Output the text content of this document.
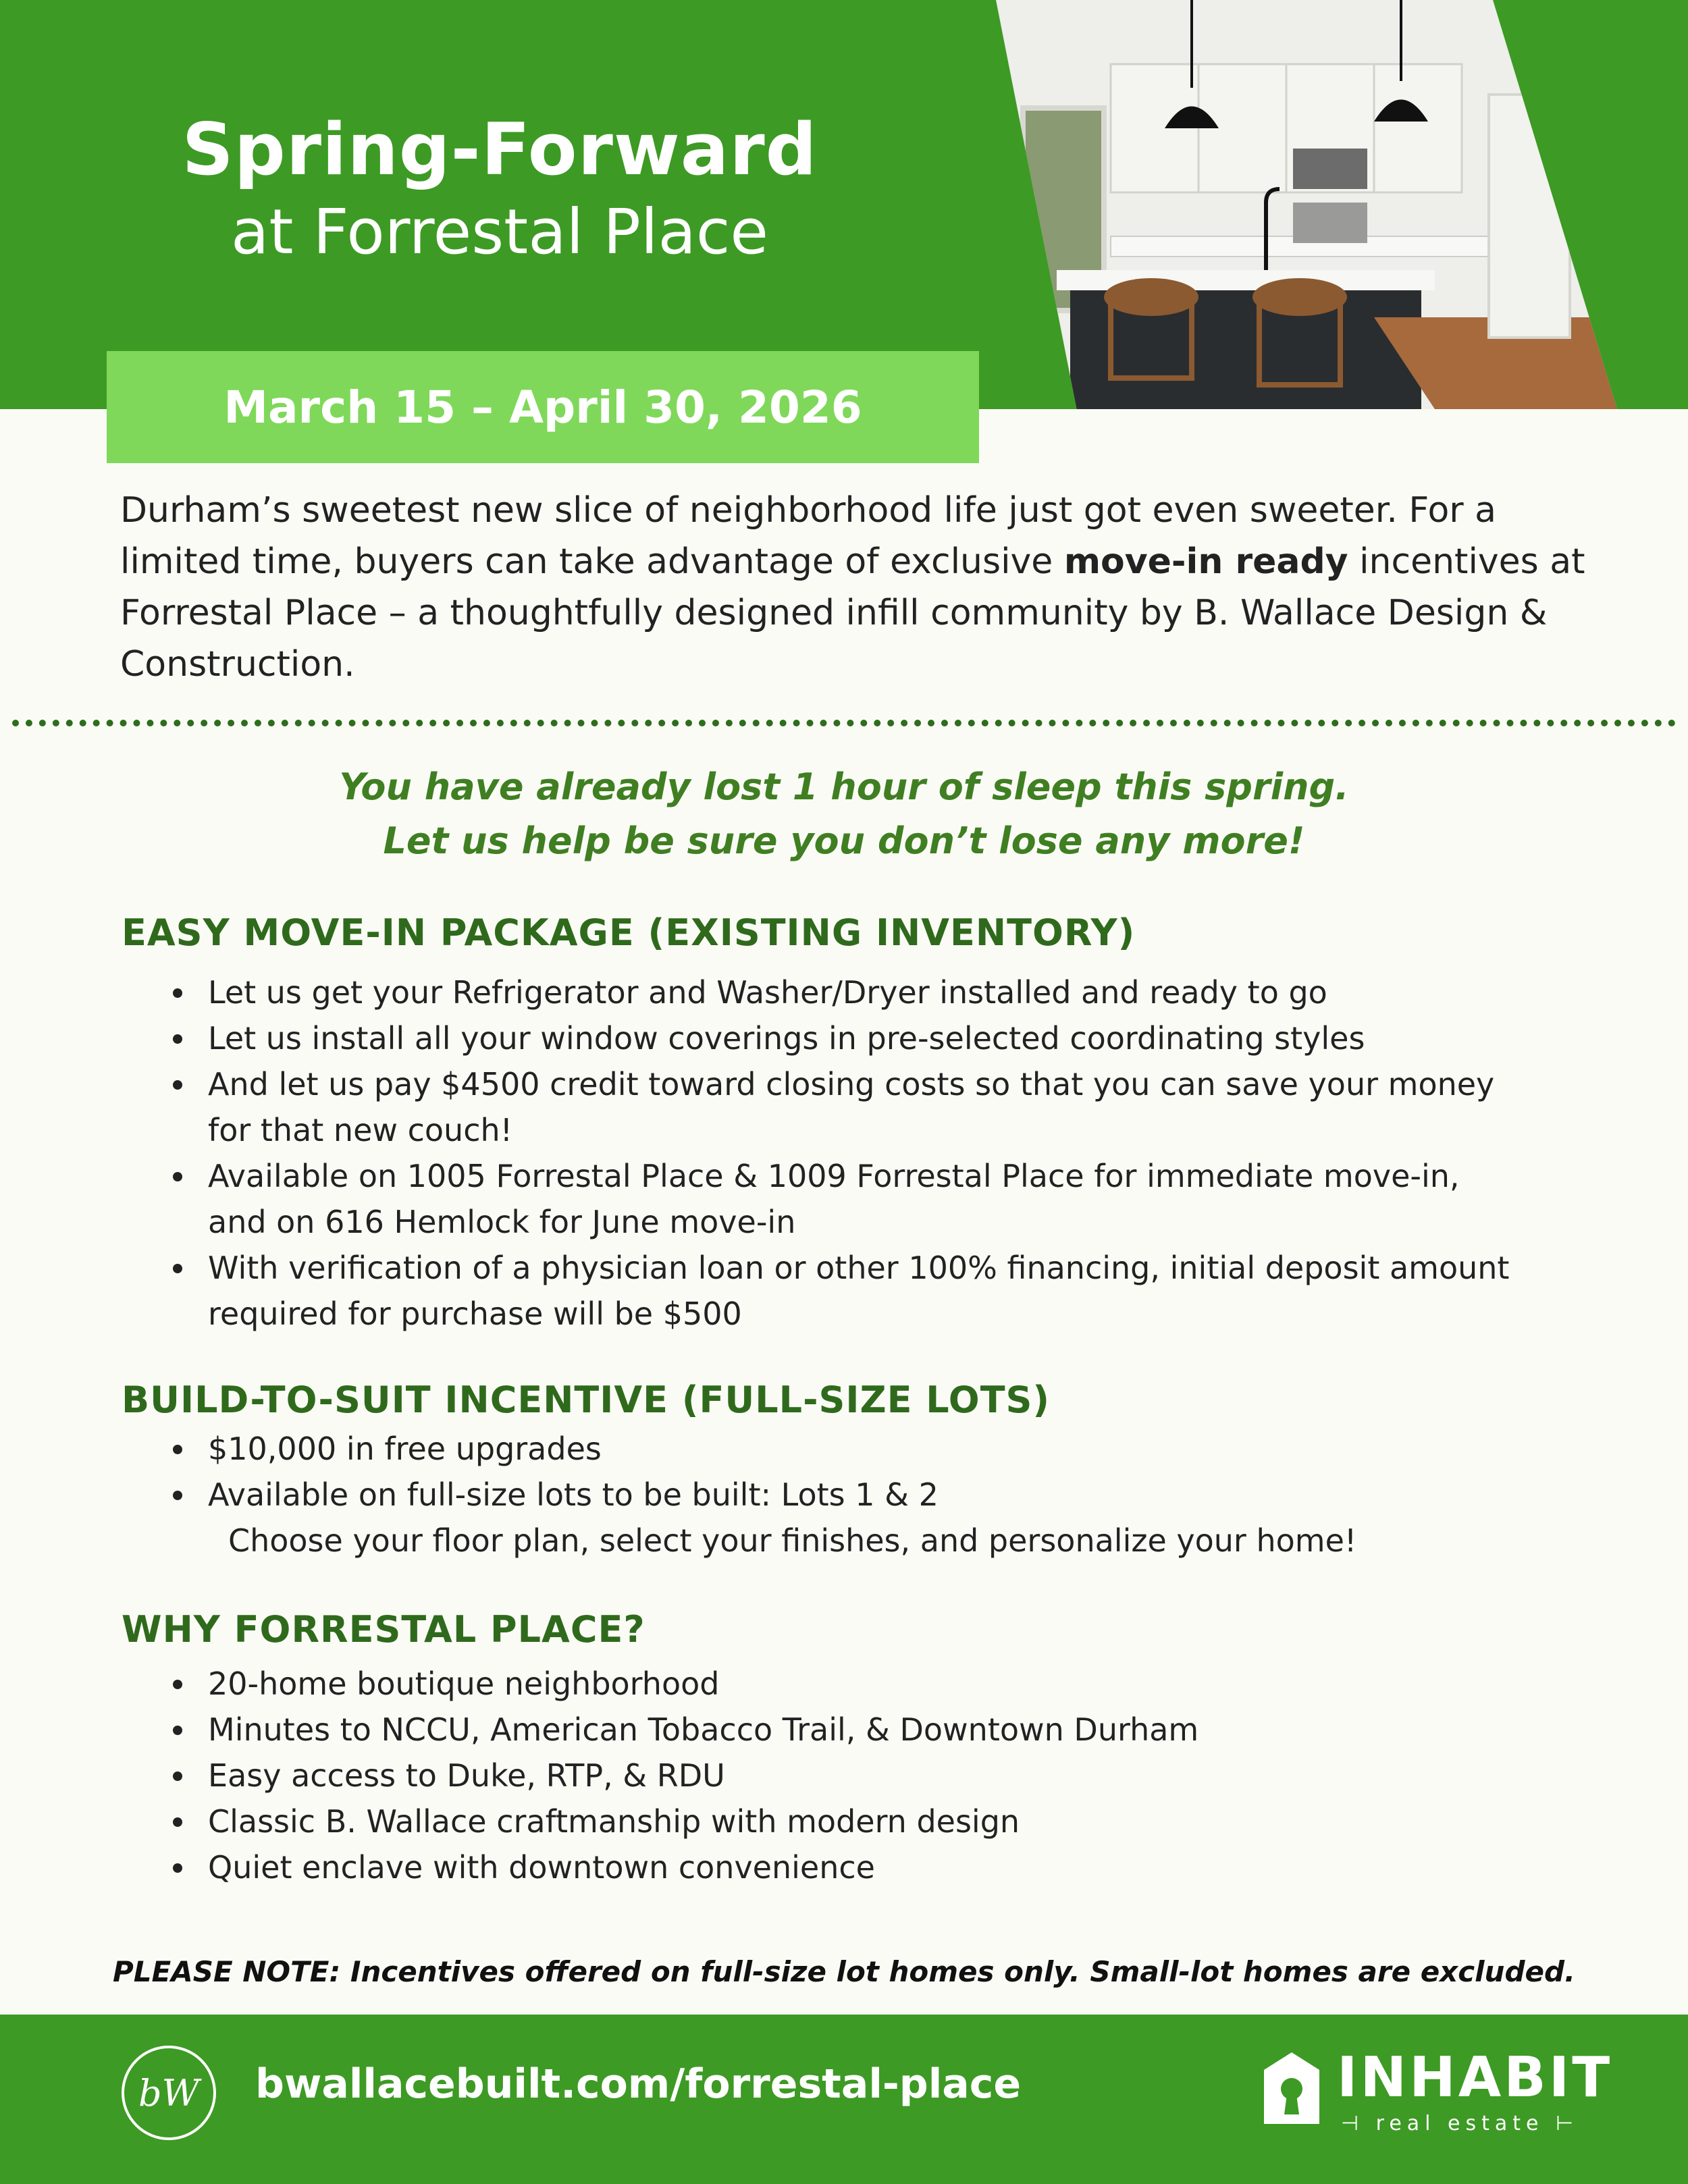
Spring-Forward
at Forrestal Place
March 15 – April 30, 2026

Durham’s sweetest new slice of neighborhood life just got even sweeter. For a limited time, buyers can take advantage of exclusive move-in ready incentives at Forrestal Place – a thoughtfully designed infill community by B. Wallace Design & Construction.

You have already lost 1 hour of sleep this spring.
Let us help be sure you don’t lose any more!
EASY MOVE-IN PACKAGE (EXISTING INVENTORY)
Let us get your Refrigerator and Washer/Dryer installed and ready to go
Let us install all your window coverings in pre-selected coordinating styles
And let us pay $4500 credit toward closing costs so that you can save your money for that new couch!
Available on 1005 Forrestal Place & 1009 Forrestal Place for immediate move-in, and on 616 Hemlock for June move-in
With verification of a physician loan or other 100% financing, initial deposit amount required for purchase will be $500
BUILD-TO-SUIT INCENTIVE (FULL-SIZE LOTS)
$10,000 in free upgrades
Available on full-size lots to be built: Lots 1 & 2
Choose your floor plan, select your finishes, and personalize your home!
WHY FORRESTAL PLACE?
20-home boutique neighborhood
Minutes to NCCU, American Tobacco Trail, & Downtown Durham
Easy access to Duke, RTP, & RDU
Classic B. Wallace craftmanship with modern design
Quiet enclave with downtown convenience
PLEASE NOTE: Incentives offered on full-size lot homes only. Small-lot homes are excluded.
bW	bwallacebuilt.com/forrestal-place	INHABIT
⊣ real estate ⊢
